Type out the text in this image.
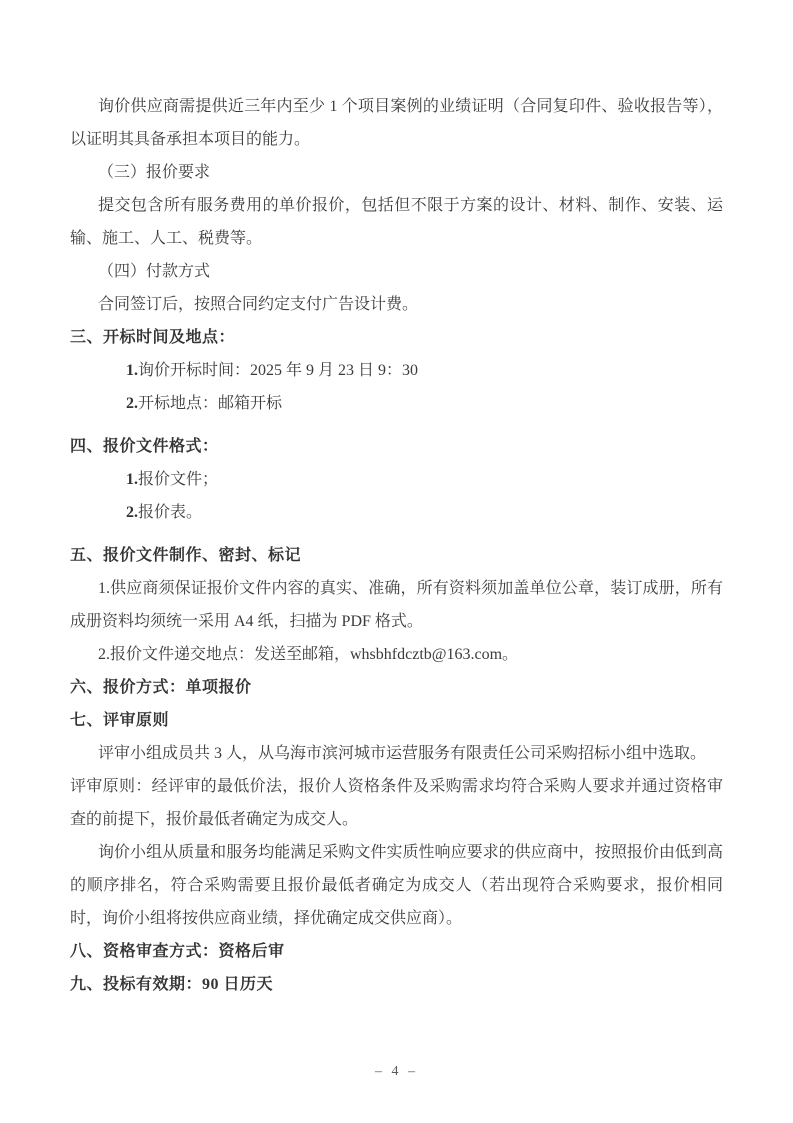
询价供应商需提供近三年内至少 1 个项目案例的业绩证明（合同复印件、验收报告等），以证明其具备承担本项目的能力。

（三）报价要求

提交包含所有服务费用的单价报价，包括但不限于方案的设计、材料、制作、安装、运输、施工、人工、税费等。

（四）付款方式

合同签订后，按照合同约定支付广告设计费。

三、开标时间及地点：

1.询价开标时间：2025 年 9 月 23 日 9：30

2.开标地点：邮箱开标

四、报价文件格式：

1.报价文件；

2.报价表。

五、报价文件制作、密封、标记

1.供应商须保证报价文件内容的真实、准确，所有资料须加盖单位公章，装订成册，所有成册资料均须统一采用 A4 纸，扫描为 PDF 格式。

2.报价文件递交地点：发送至邮箱，whsbhfdcztb@163.com。

六、报价方式：单项报价

七、评审原则

评审小组成员共 3 人，从乌海市滨河城市运营服务有限责任公司采购招标小组中选取。

评审原则：经评审的最低价法，报价人资格条件及采购需求均符合采购人要求并通过资格审查的前提下，报价最低者确定为成交人。

询价小组从质量和服务均能满足采购文件实质性响应要求的供应商中，按照报价由低到高的顺序排名，符合采购需要且报价最低者确定为成交人（若出现符合采购要求，报价相同时，询价小组将按供应商业绩，择优确定成交供应商）。

八、资格审查方式：资格后审

九、投标有效期：90 日历天

– 4 –
